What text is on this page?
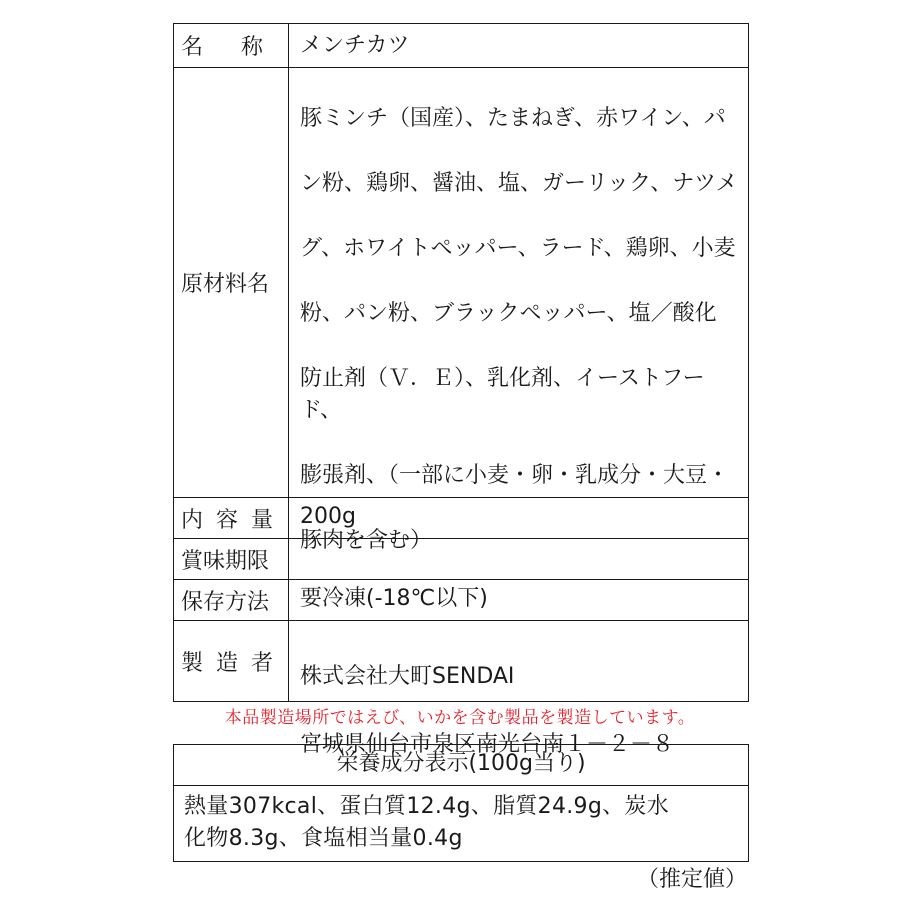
名称
メンチカツ
原材料名

豚ミンチ（国産）、たまねぎ、赤ワイン、パ

ン粉、鶏卵、醤油、塩、ガーリック、ナツメ

グ、ホワイトペッパー、ラード、鶏卵、小麦

粉、パン粉、ブラックペッパー、塩／酸化

防止剤（Ｖ．Ｅ）、乳化剤、イーストフード、

膨張剤、（一部に小麦・卵・乳成分・大豆・

豚肉を含む）

内容量 200g
賞味期限
保存方法	要冷凍(-18℃以下)
製造者

株式会社大町SENDAI

宮城県仙台市泉区南光台南１－２－８

本品製造場所ではえび、いかを含む製品を製造しています。
栄養成分表示(100g当り)
熱量307kcal、蛋白質12.4g、脂質24.9g、炭水
化物8.3g、食塩相当量0.4g
（推定値）
